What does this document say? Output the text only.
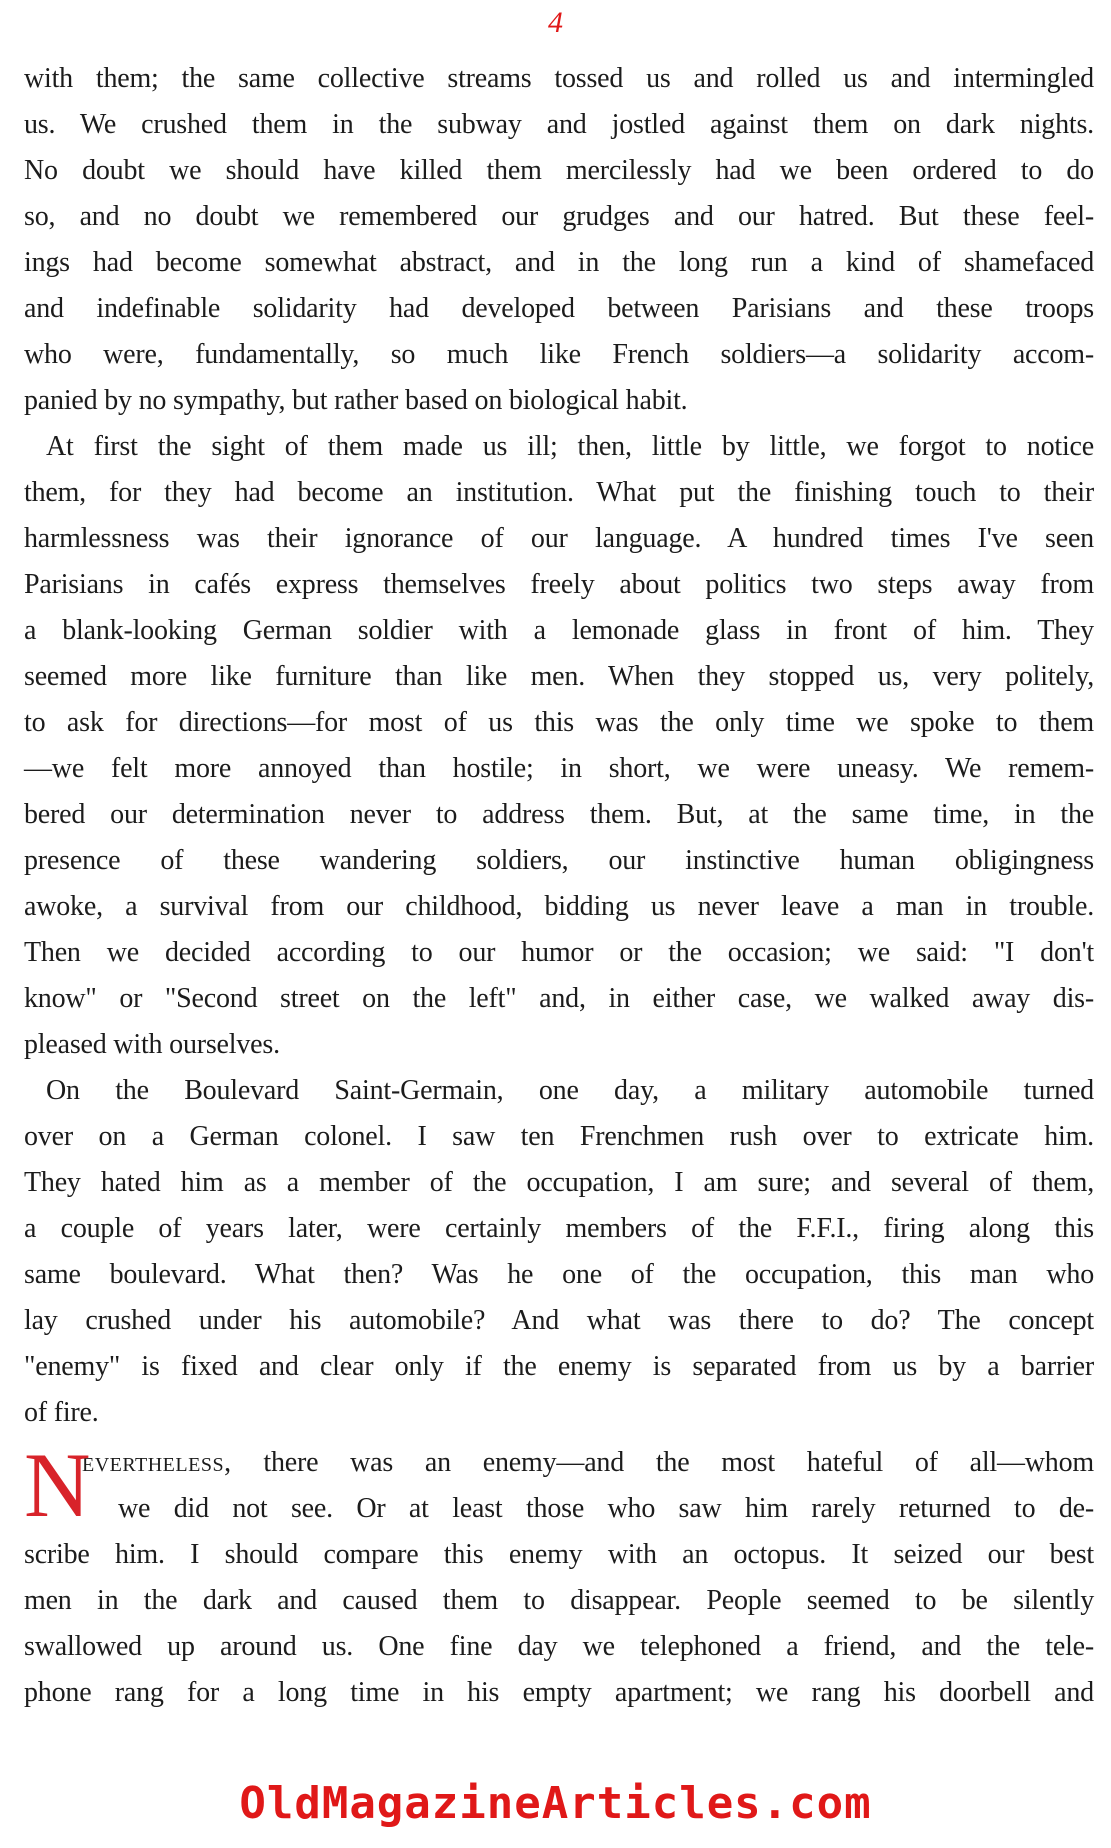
4
with them; the same collective streams tossed us and rolled us and intermingled
us. We crushed them in the subway and jostled against them on dark nights.
No doubt we should have killed them mercilessly had we been ordered to do
so, and no doubt we remembered our grudges and our hatred. But these feel-
ings had become somewhat abstract, and in the long run a kind of shamefaced
and indefinable solidarity had developed between Parisians and these troops
who were, fundamentally, so much like French soldiers—a solidarity accom-
panied by no sympathy, but rather based on biological habit.
At first the sight of them made us ill; then, little by little, we forgot to notice
them, for they had become an institution. What put the finishing touch to their
harmlessness was their ignorance of our language. A hundred times I've seen
Parisians in cafés express themselves freely about politics two steps away from
a blank-looking German soldier with a lemonade glass in front of him. They
seemed more like furniture than like men. When they stopped us, very politely,
to ask for directions—for most of us this was the only time we spoke to them
—we felt more annoyed than hostile; in short, we were uneasy. We remem-
bered our determination never to address them. But, at the same time, in the
presence of these wandering soldiers, our instinctive human obligingness
awoke, a survival from our childhood, bidding us never leave a man in trouble.
Then we decided according to our humor or the occasion; we said: "I don't
know" or "Second street on the left" and, in either case, we walked away dis-
pleased with ourselves.
On the Boulevard Saint-Germain, one day, a military automobile turned
over on a German colonel. I saw ten Frenchmen rush over to extricate him.
They hated him as a member of the occupation, I am sure; and several of them,
a couple of years later, were certainly members of the F.F.I., firing along this
same boulevard. What then? Was he one of the occupation, this man who
lay crushed under his automobile? And what was there to do? The concept
"enemy" is fixed and clear only if the enemy is separated from us by a barrier
of fire.
N
evertheless, there was an enemy—and the most hateful of all—whom
we did not see. Or at least those who saw him rarely returned to de-
scribe him. I should compare this enemy with an octopus. It seized our best
men in the dark and caused them to disappear. People seemed to be silently
swallowed up around us. One fine day we telephoned a friend, and the tele-
phone rang for a long time in his empty apartment; we rang his doorbell and
OldMagazineArticles.com
